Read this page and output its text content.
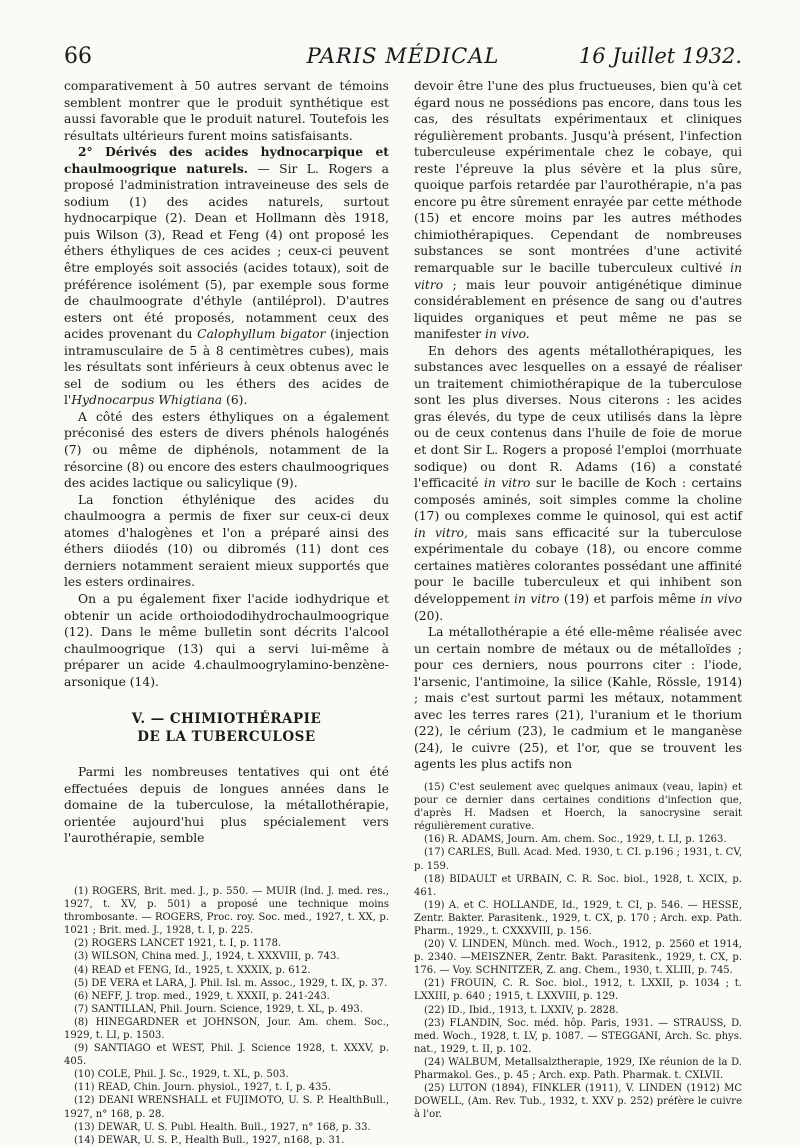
66	PARIS MÉDICAL	16 Juillet 1932.

comparativement à 50 autres servant de témoins semblent montrer que le produit synthétique est aussi favorable que le produit naturel. Toutefois les résultats ultérieurs furent moins satisfaisants.

2° Dérivés des acides hydnocarpique et chaulmoogrique naturels. — Sir L. Rogers a proposé l'administration intraveineuse des sels de sodium (1) des acides naturels, surtout hydnocarpique (2). Dean et Hollmann dès 1918, puis Wilson (3), Read et Feng (4) ont proposé les éthers éthyliques de ces acides ; ceux-ci peuvent être employés soit associés (acides totaux), soit de préférence isolément (5), par exemple sous forme de chaulmoograte d'éthyle (antiléprol). D'autres esters ont été proposés, notamment ceux des acides provenant du Calophyllum bigator (injection intramusculaire de 5 à 8 centimètres cubes), mais les résultats sont inférieurs à ceux obtenus avec le sel de sodium ou les éthers des acides de l'Hydnocarpus Whigtiana (6).

A côté des esters éthyliques on a également préconisé des esters de divers phénols halogénés (7) ou même de diphénols, notamment de la résorcine (8) ou encore des esters chaulmoogriques des acides lactique ou salicylique (9).

La fonction éthylénique des acides du chaulmoogra a permis de fixer sur ceux-ci deux atomes d'halogènes et l'on a préparé ainsi des éthers diiodés (10) ou dibromés (11) dont ces derniers notamment seraient mieux supportés que les esters ordinaires.

On a pu également fixer l'acide iodhydrique et obtenir un acide orthoiododihydrochaulmoogrique (12). Dans le même bulletin sont décrits l'alcool chaulmoogrique (13) qui a servi lui-même à préparer un acide 4.chaulmoogrylamino-benzène-arsonique (14).

V. — CHIMIOTHÉRAPIE
DE LA TUBERCULOSE

Parmi les nombreuses tentatives qui ont été effectuées depuis de longues années dans le domaine de la tuberculose, la métallothérapie, orientée aujourd'hui plus spécialement vers l'aurothérapie, semble

(1) ROGERS, Brit. med. J., p. 550. — MUIR (Ind. J. med. res., 1927, t. XV, p. 501) a proposé une technique moins thrombosante. — ROGERS, Proc. roy. Soc. med., 1927, t. XX, p. 1021 ; Brit. med. J., 1928, t. I, p. 225.
(2) ROGERS LANCET 1921, t. I, p. 1178.
(3) WILSON, China med. J., 1924, t. XXXVIII, p. 743.
(4) READ et FENG, Id., 1925, t. XXXIX, p. 612.
(5) DE VERA et LARA, J. Phil. Isl. m. Assoc., 1929, t. IX, p. 37.
(6) NEFF, J. trop. med., 1929, t. XXXII, p. 241-243.
(7) SANTILLAN, Phil. Journ. Science, 1929, t. XL, p. 493.
(8) HINEGARDNER et JOHNSON, Jour. Am. chem. Soc., 1929, t. LI, p. 1503.
(9) SANTIAGO et WEST, Phil. J. Science 1928, t. XXXV, p. 405.
(10) COLE, Phil. J. Sc., 1929, t. XL, p. 503.
(11) READ, Chin. Journ. physiol., 1927, t. I, p. 435.
(12) DEANI WRENSHALL et FUJIMOTO, U. S. P. HealthBull., 1927, n° 168, p. 28.
(13) DEWAR, U. S. Publ. Health. Bull., 1927, n° 168, p. 33.
(14) DEWAR, U. S. P., Health Bull., 1927, n168, p. 31.

devoir être l'une des plus fructueuses, bien qu'à cet égard nous ne possédions pas encore, dans tous les cas, des résultats expérimentaux et cliniques régulièrement probants. Jusqu'à présent, l'infection tuberculeuse expérimentale chez le cobaye, qui reste l'épreuve la plus sévère et la plus sûre, quoique parfois retardée par l'aurothérapie, n'a pas encore pu être sûrement enrayée par cette méthode (15) et encore moins par les autres méthodes chimiothérapiques. Cependant de nombreuses substances se sont montrées d'une activité remarquable sur le bacille tuberculeux cultivé in vitro ; mais leur pouvoir antigénétique diminue considérablement en présence de sang ou d'autres liquides organiques et peut même ne pas se manifester in vivo.

En dehors des agents métallothérapiques, les substances avec lesquelles on a essayé de réaliser un traitement chimiothérapique de la tuberculose sont les plus diverses. Nous citerons : les acides gras élevés, du type de ceux utilisés dans la lèpre ou de ceux contenus dans l'huile de foie de morue et dont Sir L. Rogers a proposé l'emploi (morrhuate sodique) ou dont R. Adams (16) a constaté l'efficacité in vitro sur le bacille de Koch : certains composés aminés, soit simples comme la choline (17) ou complexes comme le quinosol, qui est actif in vitro, mais sans efficacité sur la tuberculose expérimentale du cobaye (18), ou encore comme certaines matières colorantes possédant une affinité pour le bacille tuberculeux et qui inhibent son développement in vitro (19) et parfois même in vivo (20).

La métallothérapie a été elle-même réalisée avec un certain nombre de métaux ou de métalloïdes ; pour ces derniers, nous pourrons citer : l'iode, l'arsenic, l'antimoine, la silice (Kahle, Rössle, 1914) ; mais c'est surtout parmi les métaux, notamment avec les terres rares (21), l'uranium et le thorium (22), le cérium (23), le cadmium et le manganèse (24), le cuivre (25), et l'or, que se trouvent les agents les plus actifs non

(15) C'est seulement avec quelques animaux (veau, lapin) et pour ce dernier dans certaines conditions d'infection que, d'après H. Madsen et Hoerch, la sanocrysine serait régulièrement curative.
(16) R. ADAMS, Journ. Am. chem. Soc., 1929, t. LI, p. 1263.
(17) CARLES, Bull. Acad. Med. 1930, t. CI. p.196 ; 1931, t. CV, p. 159.
(18) BIDAULT et URBAIN, C. R. Soc. biol., 1928, t. XCIX, p. 461.
(19) A. et C. HOLLANDE, Id., 1929, t. CI, p. 546. — HESSE, Zentr. Bakter. Parasitenk., 1929, t. CX, p. 170 ; Arch. exp. Path. Pharm., 1929., t. CXXXVIII, p. 156.
(20) V. LINDEN, Münch. med. Woch., 1912, p. 2560 et 1914, p. 2340. —MEISZNER, Zentr. Bakt. Parasitenk., 1929, t. CX, p. 176. — Voy. SCHNITZER, Z. ang. Chem., 1930, t. XLIII, p. 745.
(21) FROUIN, C. R. Soc. biol., 1912, t. LXXII, p. 1034 ; t. LXXIII, p. 640 ; 1915, t. LXXVIII, p. 129.
(22) ID., Ibid., 1913, t. LXXIV, p. 2828.
(23) FLANDIN, Soc. méd. hôp. Paris, 1931. — STRAUSS, D. med. Woch., 1928, t. LV, p. 1087. — STEGGANI, Arch. Sc. phys. nat., 1929, t. II, p. 102.
(24) WALBUM, Metallsalztherapie, 1929, IXe réunion de la D. Pharmakol. Ges., p. 45 ; Arch. exp. Path. Pharmak. t. CXLVII.
(25) LUTON (1894), FINKLER (1911), V. LINDEN (1912) MC DOWELL, (Am. Rev. Tub., 1932, t. XXV p. 252) préfère le cuivre à l'or.
